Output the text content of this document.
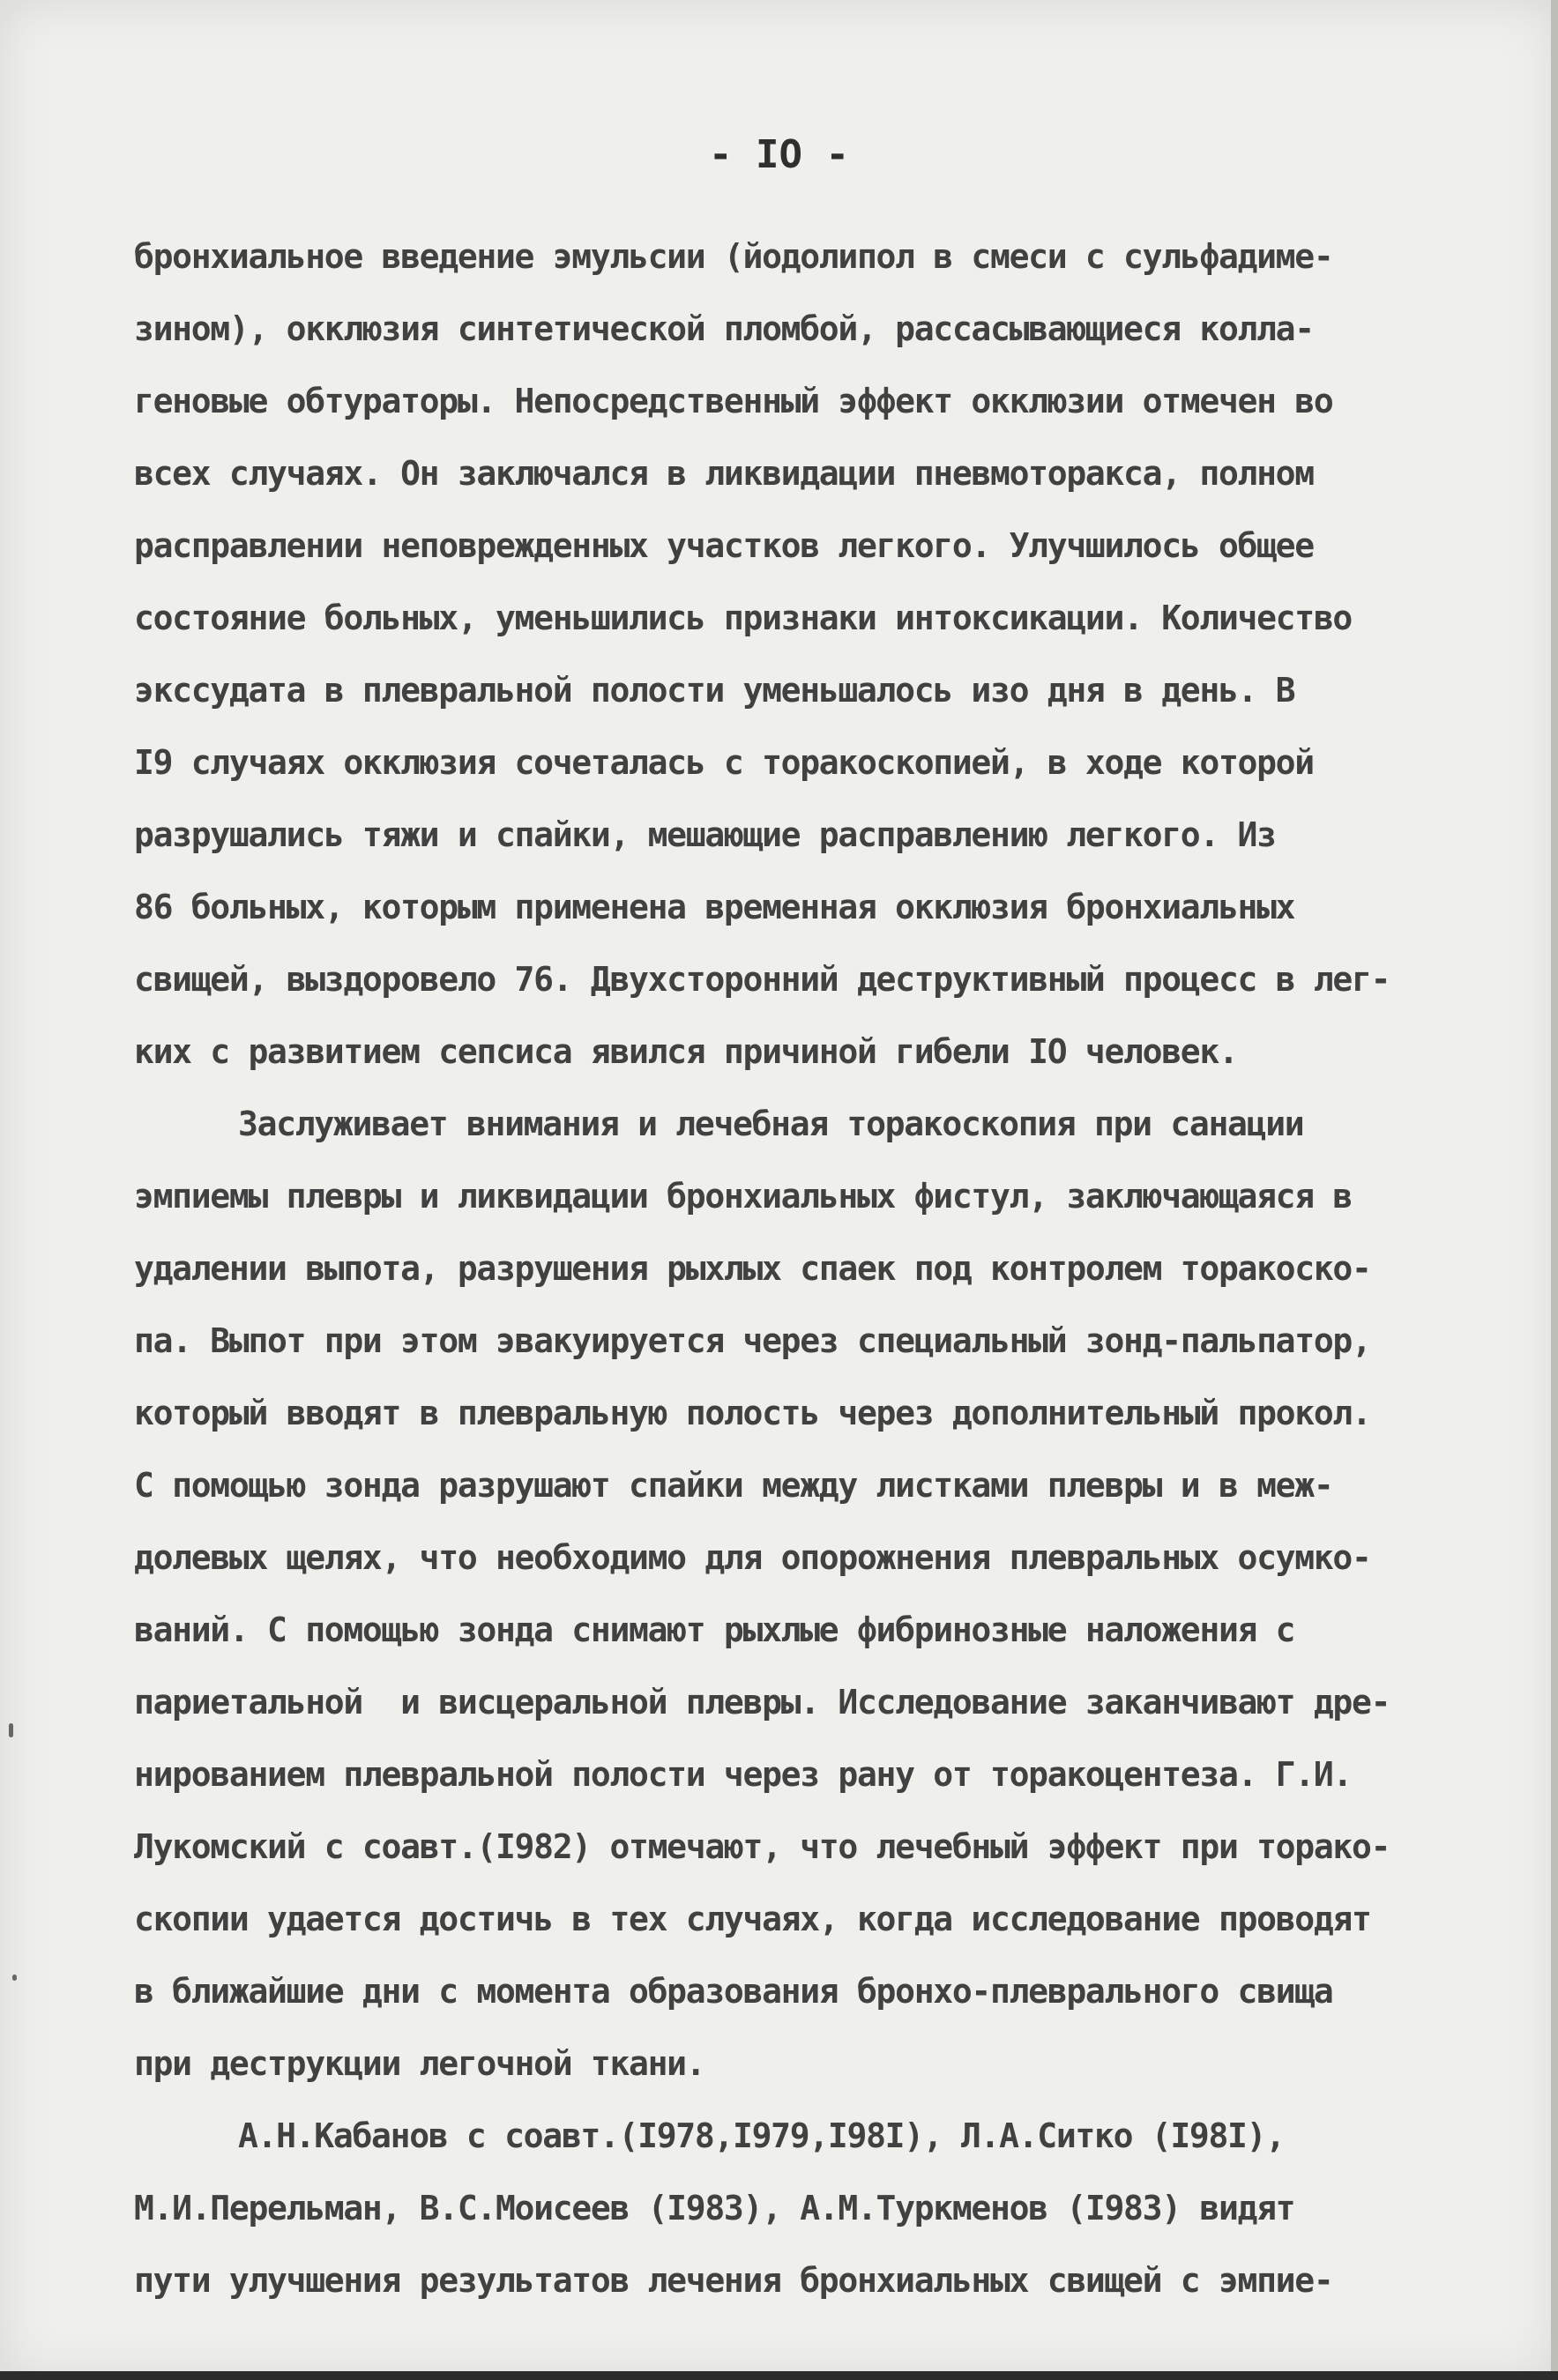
- IO -
бронхиальное введение эмульсии (йодолипол в смеси с сульфадиме-
зином), окклюзия синтетической пломбой, рассасывающиеся колла-
геновые обтураторы. Непосредственный эффект окклюзии отмечен во
всех случаях. Он заключался в ликвидации пневмоторакса, полном
расправлении неповрежденных участков легкого. Улучшилось общее
состояние больных, уменьшились признаки интоксикации. Количество
экссудата в плевральной полости уменьшалось изо дня в день. В
I9 случаях окклюзия сочеталась с торакоскопией, в ходе которой
разрушались тяжи и спайки, мешающие расправлению легкого. Из
86 больных, которым применена временная окклюзия бронхиальных
свищей, выздоровело 76. Двухсторонний деструктивный процесс в лег-
ких с развитием сепсиса явился причиной гибели IO человек.
Заслуживает внимания и лечебная торакоскопия при санации
эмпиемы плевры и ликвидации бронхиальных фистул, заключающаяся в
удалении выпота, разрушения рыхлых спаек под контролем торакоско-
па. Выпот при этом эвакуируется через специальный зонд-пальпатор,
который вводят в плевральную полость через дополнительный прокол.
С помощью зонда разрушают спайки между листками плевры и в меж-
долевых щелях, что необходимо для опорожнения плевральных осумко-
ваний. С помощью зонда снимают рыхлые фибринозные наложения с
париетальной  и висцеральной плевры. Исследование заканчивают дре-
нированием плевральной полости через рану от торакоцентеза. Г.И.
Лукомский с соавт.(I982) отмечают, что лечебный эффект при торако-
скопии удается достичь в тех случаях, когда исследование проводят
в ближайшие дни с момента образования бронхо-плеврального свища
при деструкции легочной ткани.
А.Н.Кабанов с соавт.(I978,I979,I98I), Л.А.Ситко (I98I),
М.И.Перельман, В.С.Моисеев (I983), А.М.Туркменов (I983) видят
пути улучшения результатов лечения бронхиальных свищей с эмпие-
